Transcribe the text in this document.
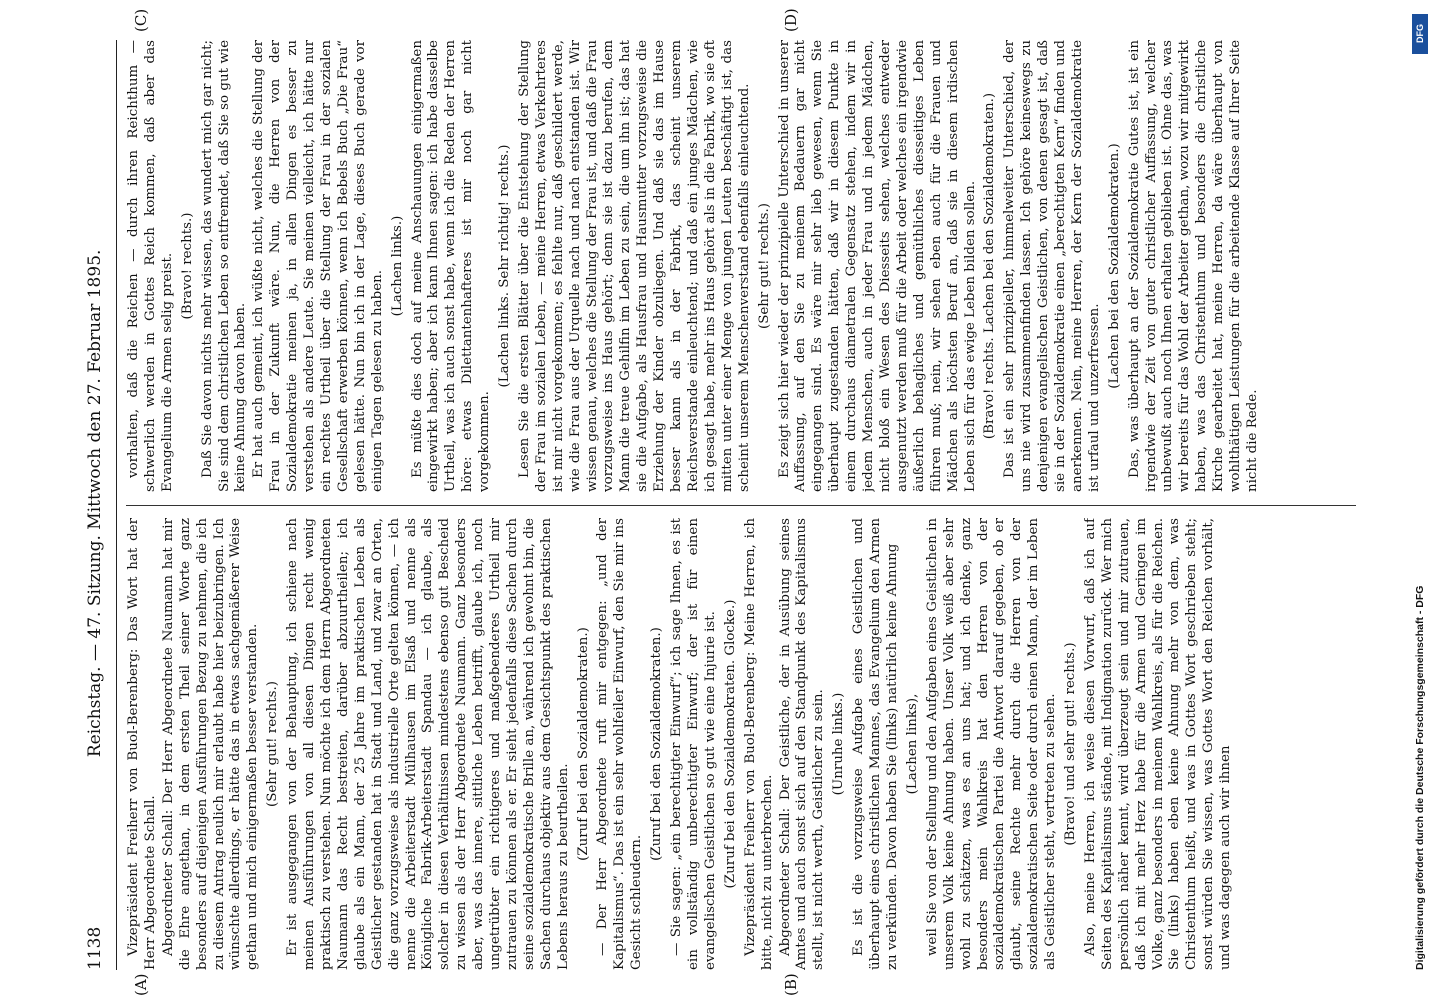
1138
Reichstag. — 47. Sitzung. Mittwoch den 27. Februar 1895.
(A)	(B)
(C)	(D)

Vizepräsident Freiherr von Buol-Berenberg: Das Wort hat der Herr Abgeordnete Schall. Abgeordneter Schall: Der Herr Abgeordnete Naumann hat mir die Ehre angethan, in dem ersten Theil seiner Worte ganz besonders auf diejenigen Ausführungen Bezug zu nehmen, die ich zu diesem Antrag neulich mir erlaubt habe hier beizubringen. Ich wünschte allerdings, er hätte das in etwas sachgemäßerer Weise gethan und mich einigermaßen besser verstanden. (Sehr gut! rechts.) Er ist ausgegangen von der Behauptung, ich schiene nach meinen Ausführungen von all diesen Dingen recht wenig praktisch zu verstehen. Nun möchte ich dem Herrn Abgeordneten Naumann das Recht bestreiten, darüber abzuurtheilen; ich glaube als ein Mann, der 25 Jahre im praktischen Leben als Geistlicher gestanden hat in Stadt und Land, und zwar an Orten, die ganz vorzugsweise als industrielle Orte gelten können, — ich nenne die Arbeiterstadt Mülhausen im Elsaß und nenne als Königliche Fabrik-Arbeiterstadt Spandau — ich glaube, als solcher in diesen Verhältnissen mindestens ebenso gut Bescheid zu wissen als der Herr Abgeordnete Naumann. Ganz besonders aber, was das innere, sittliche Leben betrifft, glaube ich, noch ungetrübter ein richtigeres und maßgebenderes Urtheil mir zutrauen zu können als er. Er sieht jedenfalls diese Sachen durch seine sozialdemokratische Brille an, während ich gewohnt bin, die Sachen durchaus objektiv aus dem Gesichtspunkt des praktischen Lebens heraus zu beurtheilen.

(Zuruf bei den Sozialdemokraten.) — Der Herr Abgeordnete ruft mir entgegen: „und der Kapitalismus“. Das ist ein sehr wohlfeiler Einwurf, den Sie mir ins Gesicht schleudern.

(Zuruf bei den Sozialdemokraten.) — Sie sagen: „ein berechtigter Einwurf“; ich sage Ihnen, es ist ein vollständig unberechtigter Einwurf; der ist für einen evangelischen Geistlichen so gut wie eine Injurie ist. (Zuruf bei den Sozialdemokraten. Glocke.) Vizepräsident Freiherr von Buol-Berenberg: Meine Herren, ich bitte, nicht zu unterbrechen. Abgeordneter Schall: Der Geistliche, der in Ausübung seines Amtes und auch sonst sich auf den Standpunkt des Kapitalismus stellt, ist nicht werth, Geistlicher zu sein. (Unruhe links.) Es ist die vorzugsweise Aufgabe eines Geistlichen und überhaupt eines christlichen Mannes, das Evangelium den Armen zu verkünden. Davon haben Sie (links) natürlich keine Ahnung (Lachen links), weil Sie von der Stellung und den Aufgaben eines Geistlichen in unserem Volk keine Ahnung haben. Unser Volk weiß aber sehr wohl zu schätzen, was es an uns hat; und ich denke, ganz besonders mein Wahlkreis hat den Herren von der sozialdemokratischen Partei die Antwort darauf gegeben, ob er glaubt, seine Rechte mehr durch die Herren von der sozialdemokratischen Seite oder durch einen Mann, der im Leben als Geistlicher steht, vertreten zu sehen. (Bravo! und sehr gut! rechts.) Also, meine Herren, ich weise diesen Vorwurf, daß ich auf Seiten des Kapitalismus stände, mit Indignation zurück. Wer mich persönlich näher kennt, wird überzeugt sein und mir zutrauen, daß ich mit mehr Herz habe für die Armen und Geringen im Volke, ganz besonders in meinem Wahlkreis, als für die Reichen. Sie (links) haben eben keine Ahnung mehr von dem, was Christenthum heißt, und was in Gottes Wort geschrieben steht; sonst würden Sie wissen, was Gottes Wort den Reichen vorhält, und was dagegen auch wir ihnen

vorhalten, daß die Reichen — durch ihren Reichthum — schwerlich werden in Gottes Reich kommen, daß aber das Evangelium die Armen selig preist. (Bravo! rechts.) Daß Sie davon nichts mehr wissen, das wundert mich gar nicht; Sie sind dem christlichen Leben so entfremdet, daß Sie so gut wie keine Ahnung davon haben. Er hat auch gemeint, ich wüßte nicht, welches die Stellung der Frau in der Zukunft wäre. Nun, die Herren von der Sozialdemokratie meinen ja, in allen Dingen es besser zu verstehen als andere Leute. Sie meinen vielleicht, ich hätte nur ein rechtes Urtheil über die Stellung der Frau in der sozialen Gesellschaft erwerben können, wenn ich Bebels Buch „Die Frau“ gelesen hätte. Nun bin ich in der Lage, dieses Buch gerade vor einigen Tagen gelesen zu haben.

(Lachen links.) Es müßte dies doch auf meine Anschauungen einigermaßen eingewirkt haben; aber ich kann Ihnen sagen: ich habe dasselbe Urtheil, was ich auch sonst habe, wenn ich die Reden der Herren höre: etwas Dilettantenhafteres ist mir noch gar nicht vorgekommen.

(Lachen links. Sehr richtig! rechts.) Lesen Sie die ersten Blätter über die Entstehung der Stellung der Frau im sozialen Leben, — meine Herren, etwas Verkehrteres ist mir nicht vorgekommen; es fehlte nur, daß geschildert werde, wie die Frau aus der Urquelle nach und nach entstanden ist. Wir wissen genau, welches die Stellung der Frau ist, und daß die Frau vorzugsweise ins Haus gehört; denn sie ist dazu berufen, dem Mann die treue Gehilfin im Leben zu sein, die um ihn ist; das hat sie die Aufgabe, als Hausfrau und Hausmutter vorzugsweise die Erziehung der Kinder obzuliegen. Und daß sie das im Hause besser kann als in der Fabrik, das scheint unserem Reichsverstande einleuchtend; und daß ein junges Mädchen, wie ich gesagt habe, mehr ins Haus gehört als in die Fabrik, wo sie oft mitten unter einer Menge von jungen Leuten beschäftigt ist, das scheint unserem Menschenverstand ebenfalls einleuchtend. (Sehr gut! rechts.) Es zeigt sich hier wieder der prinzipielle Unterschied in unserer Auffassung, auf den Sie zu meinem Bedauern gar nicht eingegangen sind. Es wäre mir sehr lieb gewesen, wenn Sie überhaupt zugestanden hätten, daß wir in diesem Punkte in einem durchaus diametralen Gegensatz stehen, indem wir in jedem Menschen, auch in jeder Frau und in jedem Mädchen, nicht bloß ein Wesen des Diesseits sehen, welches entweder ausgenutzt werden muß für die Arbeit oder welches ein irgendwie äußerlich behagliches und gemüthliches diesseitiges Leben führen muß; nein, wir sehen eben auch für die Frauen und Mädchen als höchsten Beruf an, daß sie in diesem irdischen Leben sich für das ewige Leben bilden sollen. (Bravo! rechts. Lachen bei den Sozialdemokraten.) Das ist ein sehr prinzipieller, himmelweiter Unterschied, der uns nie wird zusammenfinden lassen. Ich gehöre keineswegs zu denjenigen evangelischen Geistlichen, von denen gesagt ist, daß sie in der Sozialdemokratie einen „berechtigten Kern“ finden und anerkennen. Nein, meine Herren, der Kern der Sozialdemokratie ist urfaul und unzerfressen.

(Lachen bei den Sozialdemokraten.) Das, was überhaupt an der Sozialdemokratie Gutes ist, ist ein irgendwie der Zeit von guter christlicher Auffassung, welcher unbewußt auch noch Ihnen erhalten geblieben ist. Ohne das, was wir bereits für das Wohl der Arbeiter gethan, wozu wir mitgewirkt haben, was das Christenthum und besonders die christliche Kirche gearbeitet hat, meine Herren, da wäre überhaupt von wohlthätigen Leistungen für die arbeitende Klasse auf Ihrer Seite nicht die Rede.

Digitalisierung gefördert durch die Deutsche Forschungsgemeinschaft - DFG
DFG
